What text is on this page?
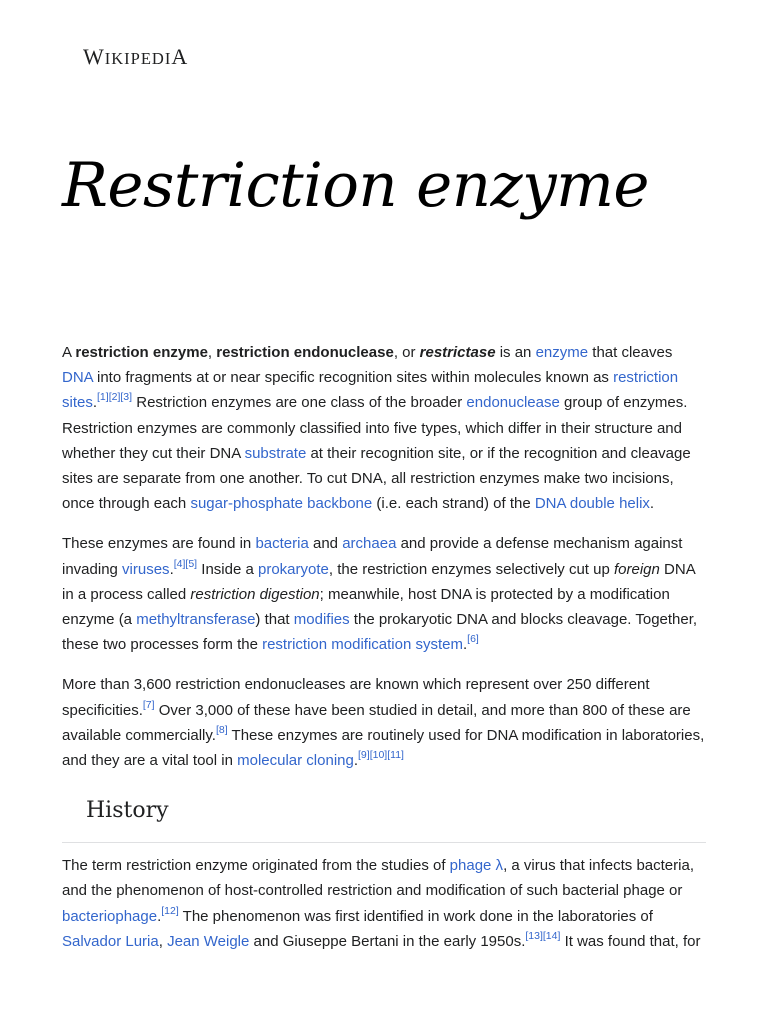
WIKIPEDIA
Restriction enzyme

A restriction enzyme, restriction endonuclease, or restrictase is an enzyme that cleaves DNA into fragments at or near specific recognition sites within molecules known as restriction sites.[1][2][3] Restriction enzymes are one class of the broader endonuclease group of enzymes. Restriction enzymes are commonly classified into five types, which differ in their structure and whether they cut their DNA substrate at their recognition site, or if the recognition and cleavage sites are separate from one another. To cut DNA, all restriction enzymes make two incisions, once through each sugar-phosphate backbone (i.e. each strand) of the DNA double helix.

These enzymes are found in bacteria and archaea and provide a defense mechanism against invading viruses.[4][5] Inside a prokaryote, the restriction enzymes selectively cut up foreign DNA in a process called restriction digestion; meanwhile, host DNA is protected by a modification enzyme (a methyltransferase) that modifies the prokaryotic DNA and blocks cleavage. Together, these two processes form the restriction modification system.[6]

More than 3,600 restriction endonucleases are known which represent over 250 different specificities.[7] Over 3,000 of these have been studied in detail, and more than 800 of these are available commercially.[8] These enzymes are routinely used for DNA modification in laboratories, and they are a vital tool in molecular cloning.[9][10][11]

History

The term restriction enzyme originated from the studies of phage λ, a virus that infects bacteria, and the phenomenon of host-controlled restriction and modification of such bacterial phage or bacteriophage.[12] The phenomenon was first identified in work done in the laboratories of Salvador Luria, Jean Weigle and Giuseppe Bertani in the early 1950s.[13][14] It was found that, for
